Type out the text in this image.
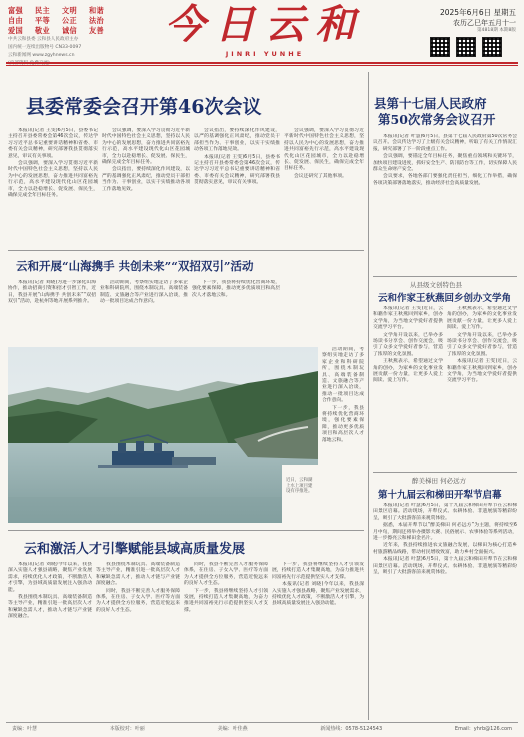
富强	民主	文明	和谐
自由	平等	公正	法治
爱国	敬业	诚信	友善
中共云和县委 云和县人民政府主办
国内统一连续出版物号 CN33-0097
云和新闻网 www.zgyhnews.cn
今日云和
JINRI YUNHE
2025年6月6日 星期五
农历乙巳年五月十一
第4818期 本期8版
县委常委会召开第46次会议

本报讯(记者 王雯)6月5日，县委书记主持召开县委常委会第46次会议，传达学习习近平总书记重要讲话精神和省委、市委有关会议精神，研究部署我县贯彻落实意见，审议有关事项。

会议强调，要深入学习贯彻习近平新时代中国特色社会主义思想，坚持以人民为中心的发展思想，奋力推进共同富裕先行示范，高水平建设现代化山区花园城市，全力以赴稳增长、促发展、保民生，确保完成全年目标任务。

会议强调，要深入学习贯彻习近平新时代中国特色社会主义思想，坚持以人民为中心的发展思想，奋力推进共同富裕先行示范，高水平建设现代化山区花园城市，全力以赴稳增长、促发展、保民生，确保完成全年目标任务。

会议指出，要持续深化作风建设，以严的基调强化正风肃纪，推动党员干部担当作为、干事创业，以实干实绩推动各项工作落地见效。

会议指出，要持续深化作风建设，以严的基调强化正风肃纪，推动党员干部担当作为、干事创业，以实干实绩推动各项工作落地见效。

本报讯(记者 王雯)6月5日，县委书记主持召开县委常委会第46次会议，传达学习习近平总书记重要讲话精神和省委、市委有关会议精神，研究部署我县贯彻落实意见，审议有关事项。

会议强调，要深入学习贯彻习近平新时代中国特色社会主义思想，坚持以人民为中心的发展思想，奋力推进共同富裕先行示范，高水平建设现代化山区花园城市，全力以赴稳增长、促发展、保民生，确保完成全年目标任务。

会议还研究了其他事项。

县第十七届人民政府
第50次常务会议召开

本报讯(记者 叶慧)6月5日，县第十七届人民政府第50次常务会议召开。会议传达学习了上级有关会议精神，听取了有关工作情况汇报，研究部署了下一阶段重点工作。

会议强调，要锚定全年目标任务，聚焦重点领域和关键环节，加快项目建设进度，抓好安全生产、防汛防台等工作，切实保障人民群众生命财产安全。

会议要求，各地各部门要强化责任担当，细化工作举措，确保各项决策部署落地落实，推动经济社会高质量发展。

从县级文创特色县
云和作家王秋燕回乡创办文学角

本报讯(记者 王雯)近日，云和籍作家王秋燕回到家乡，创办文学角，为当地文学爱好者提供交流学习平台。

文学角开设以来，已举办多场读书分享会、创作交流会，吸引了众多文学爱好者参与，营造了浓厚的文化氛围。

王秋燕表示，希望通过文学角的创办，为家乡的文化事业发展贡献一份力量，让更多人爱上阅读、爱上写作。

王秋燕表示，希望通过文学角的创办，为家乡的文化事业发展贡献一份力量，让更多人爱上阅读、爱上写作。

文学角开设以来，已举办多场读书分享会、创作交流会，吸引了众多文学爱好者参与，营造了浓厚的文化氛围。

本报讯(记者 王雯)近日，云和籍作家王秋燕回到家乡，创办文学角，为当地文学爱好者提供交流学习平台。

醉美梯田 何必远方
第十九届云和梯田开犁节启幕

本报讯(记者 叶慧)6月5日，第十九届云和梯田开犁节在云和梯田景区启幕。活动现场，开犁仪式、农耕体验、非遗展演等精彩纷呈，吸引了大批游客前来观赏体验。

据悉，本届开犁节以“醉美梯田 何必远方”为主题，将持续至6月中旬，期间还将举办摄影大赛、民俗展示、农事体验等系列活动，进一步擦亮云和梯田金名片。

近年来，我县持续推进农文旅融合发展，以梯田为核心打造乡村旅游精品线路，带动村民增收致富，助力乡村全面振兴。

本报讯(记者 叶慧)6月5日，第十九届云和梯田开犁节在云和梯田景区启幕。活动现场，开犁仪式、农耕体验、非遗展演等精彩纷呈，吸引了大批游客前来观赏体验。

云和开展“山海携手 共创未来”“双招双引”活动

本报讯(记者 刘晓)为进一步深化山海协作，推动招商引资和招才引智工作，近日，我县开展“山海携手 共创未来”“双招双引”活动，赴杭州等地开展系列推介。

活动期间，考察组实地走访了多家企业和科研院所，围绕木制玩具、高端装备制造、文旅融合等产业进行深入洽谈，推动一批项目达成合作意向。

下一步，我县将持续优化营商环境，强化要素保障，推动更多优质项目和高层次人才落地云和。

活动期间，考察组实地走访了多家企业和科研院所，围绕木制玩具、高端装备制造、文旅融合等产业进行深入洽谈，推动一批项目达成合作意向。

下一步，我县将持续优化营商环境，强化要素保障，推动更多优质项目和高层次人才落地云和。

近日，云和湖上水上项目建设有序推进。
云和激活人才引擎赋能县域高质量发展

本报讯(记者 刘晓)今年以来，我县深入实施人才强县战略，聚焦产业发展需求，持续优化人才政策，不断激活人才引擎，为县域高质量发展注入强劲动能。

我县围绕木制玩具、高端装备制造等主导产业，精准引进一批高层次人才和紧缺急需人才，推动人才链与产业链深度融合。

我县围绕木制玩具、高端装备制造等主导产业，精准引进一批高层次人才和紧缺急需人才，推动人才链与产业链深度融合。

同时，我县不断完善人才服务保障体系，在住房、子女入学、医疗等方面为人才提供全方位服务，营造近悦远来的良好人才生态。

同时，我县不断完善人才服务保障体系，在住房、子女入学、医疗等方面为人才提供全方位服务，营造近悦远来的良好人才生态。

下一步，我县将继续坚持人才引领发展，持续打造人才集聚高地，为奋力推进共同富裕先行示范提供坚实人才支撑。

下一步，我县将继续坚持人才引领发展，持续打造人才集聚高地，为奋力推进共同富裕先行示范提供坚实人才支撑。

本报讯(记者 刘晓)今年以来，我县深入实施人才强县战略，聚焦产业发展需求，持续优化人才政策，不断激活人才引擎，为县域高质量发展注入强劲动能。

责编：叶慧	本版校对：叶丽	美编：叶佳燕	新闻热线：0578-5124543	Email：yhrb@126.com
